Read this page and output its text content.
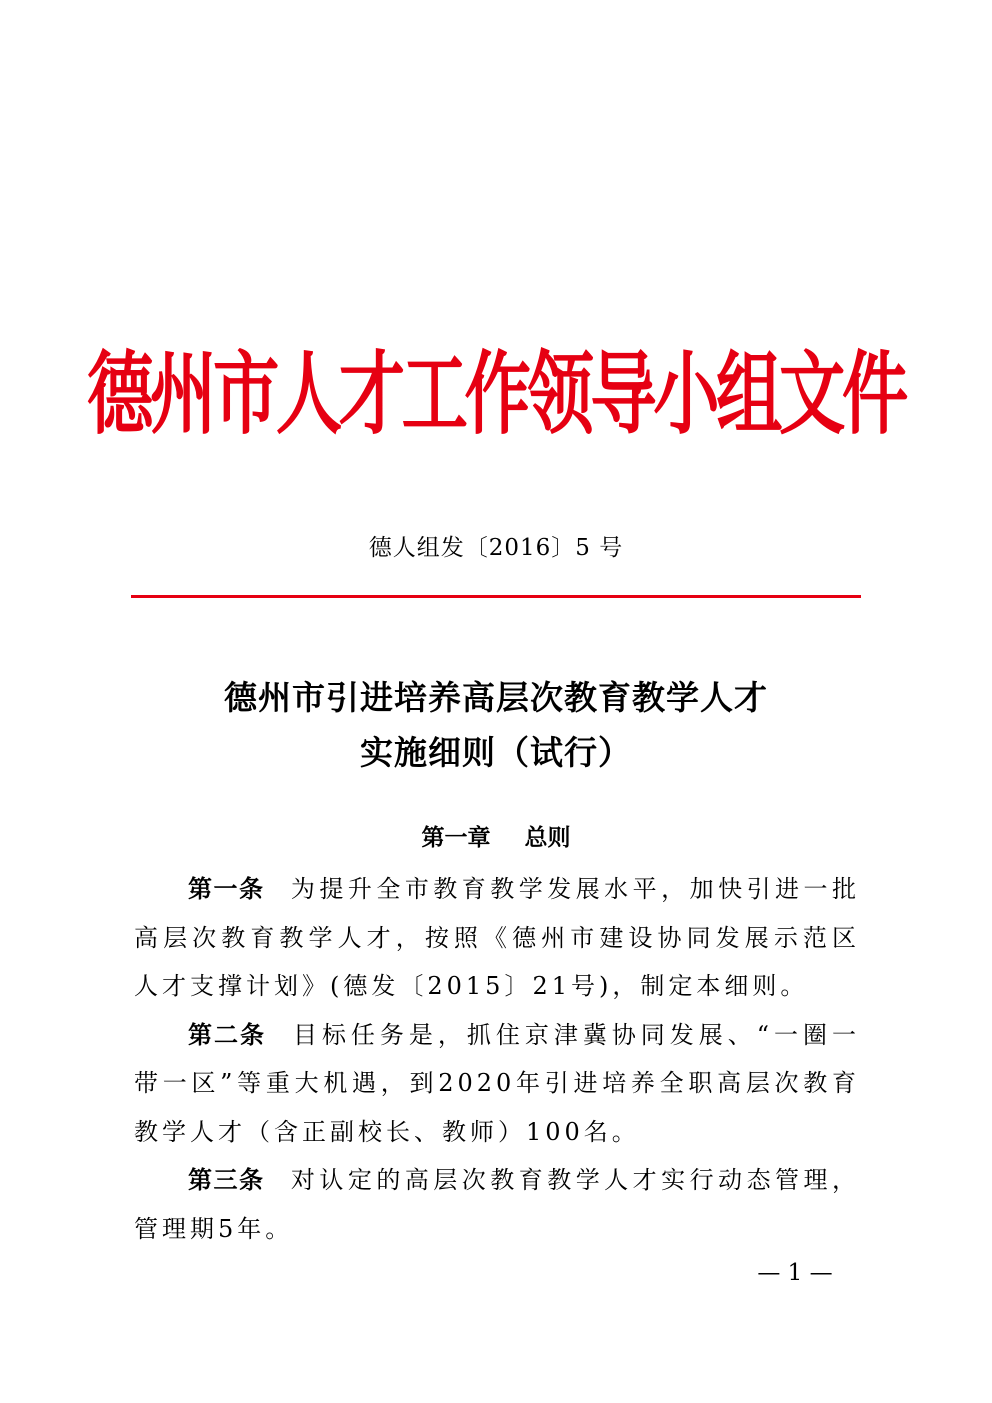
德州市人才工作领导小组文件
德人组发〔2016〕5 号
德州市引进培养高层次教育教学人才
实施细则（试行）
第一章 总则

第一条 为提升全市教育教学发展水平，加快引进一批高层次教育教学人才，按照《德州市建设协同发展示范区人才支撑计划》(德发〔2015〕21号)，制定本细则。

第二条 目标任务是，抓住京津冀协同发展、“一圈一带一区”等重大机遇，到2020年引进培养全职高层次教育教学人才（含正副校长、教师）100名。

第三条 对认定的高层次教育教学人才实行动态管理，管理期5年。

— 1 —
